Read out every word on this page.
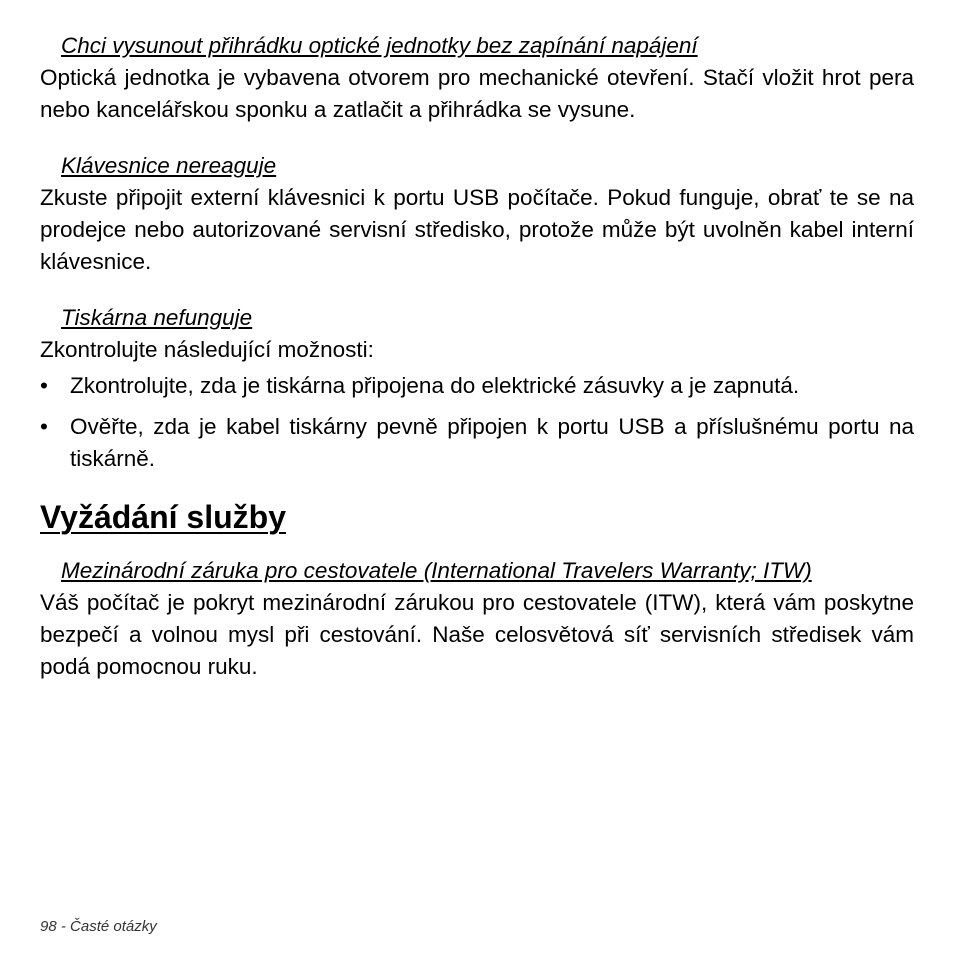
Chci vysunout přihrádku optické jednotky bez zapínání napájení

Optická jednotka je vybavena otvorem pro mechanické otevření. Stačí vložit hrot pera nebo kancelářskou sponku a zatlačit a přihrádka se vysune.

Klávesnice nereaguje

Zkuste připojit externí klávesnici k portu USB počítače. Pokud funguje, obrať te se na prodejce nebo autorizované servisní středisko, protože může být uvolněn kabel interní klávesnice.

Tiskárna nefunguje

Zkontrolujte následující možnosti:

• Zkontrolujte, zda je tiskárna připojena do elektrické zásuvky a je zapnutá.
• Ověřte, zda je kabel tiskárny pevně připojen k portu USB a příslušnému portu na tiskárně.
Vyžádání služby
Mezinárodní záruka pro cestovatele (International Travelers Warranty; ITW)

Váš počítač je pokryt mezinárodní zárukou pro cestovatele (ITW), která vám poskytne bezpečí a volnou mysl při cestování. Naše celosvětová síť servisních středisek vám podá pomocnou ruku.

98 - Časté otázky
